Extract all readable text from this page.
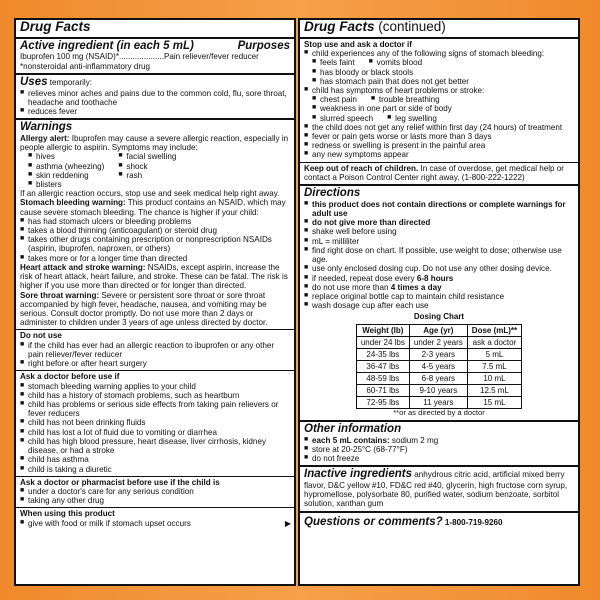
Drug Facts
Active ingredient (in each 5 mL)	Purposes
Ibuprofen 100 mg (NSAID)*....................Pain reliever/fever reducer
*nonsteroidal anti-inflammatory drug
Uses temporarily:
■ relieves minor aches and pains due to the common cold, flu, sore throat, headache and toothache
■ reduces fever
Warnings
Allergy alert: Ibuprofen may cause a severe allergic reaction, especially in people allergic to aspirin. Symptoms may include:
■ hives	■ facial swelling
■ asthma (wheezing)	■ shock
■ skin reddening	■ rash
■ blisters
If an allergic reaction occurs, stop use and seek medical help right away.
Stomach bleeding warning: This product contains an NSAID, which may cause severe stomach bleeding. The chance is higher if your child:
■ has had stomach ulcers or bleeding problems
■ takes a blood thinning (anticoagulant) or steroid drug
■ takes other drugs containing prescription or nonprescription NSAIDs (aspirin, ibuprofen, naproxen, or others)
■ takes more or for a longer time than directed
Heart attack and stroke warning: NSAIDs, except aspirin, increase the risk of heart attack, heart failure, and stroke. These can be fatal. The risk is higher if you use more than directed or for longer than directed.
Sore throat warning: Severe or persistent sore throat or sore throat accompanied by high fever, headache, nausea, and vomiting may be serious. Consult doctor promptly. Do not use more than 2 days or administer to children under 3 years of age unless directed by doctor.
Do not use
■ if the child has ever had an allergic reaction to ibuprofen or any other pain reliever/fever reducer
■ right before or after heart surgery
Ask a doctor before use if
■ stomach bleeding warning applies to your child
■ child has a history of stomach problems, such as heartburn
■ child has problems or serious side effects from taking pain relievers or fever reducers
■ child has not been drinking fluids
■ child has lost a lot of fluid due to vomiting or diarrhea
■ child has high blood pressure, heart disease, liver cirrhosis, kidney disease, or had a stroke
■ child has asthma
■ child is taking a diuretic
Ask a doctor or pharmacist before use if the child is
■ under a doctor's care for any serious condition
■ taking any other drug
When using this product
■ give with food or milk if stomach upset occurs	▶
Drug Facts (continued)
Stop use and ask a doctor if
■ child experiences any of the following signs of stomach bleeding:
■ feels faint	■ vomits blood
■ has bloody or black stools
■ has stomach pain that does not get better
■ child has symptoms of heart problems or stroke:
■ chest pain	■ trouble breathing
■ weakness in one part or side of body
■ slurred speech	■ leg swelling
■ the child does not get any relief within first day (24 hours) of treatment
■ fever or pain gets worse or lasts more than 3 days
■ redness or swelling is present in the painful area
■ any new symptoms appear
Keep out of reach of children. In case of overdose, get medical help or contact a Poison Control Center right away. (1-800-222-1222)
Directions
■ this product does not contain directions or complete warnings for adult use
■ do not give more than directed
■ shake well before using
■ mL = milliliter
■ find right dose on chart. If possible, use weight to dose; otherwise use age.
■ use only enclosed dosing cup. Do not use any other dosing device.
■ if needed, repeat dose every 6-8 hours
■ do not use more than 4 times a day
■ replace original bottle cap to maintain child resistance
■ wash dosage cup after each use
Dosing Chart
Weight (lb)	Age (yr)	Dose (mL)**
under 24 lbs	under 2 years	ask a doctor
24-35 lbs	2-3 years	5 mL
36-47 lbs	4-5 years	7.5 mL
48-59 lbs	6-8 years	10 mL
60-71 lbs	9-10 years	12.5 mL
72-95 lbs	11 years	15 mL
**or as directed by a doctor
Other information
■ each 5 mL contains: sodium 2 mg
■ store at 20-25°C (68-77°F)
■ do not freeze
Inactive ingredients anhydrous citric acid, artificial mixed berry flavor, D&C yellow #10, FD&C red #40, glycerin, high fructose corn syrup, hypromellose, polysorbate 80, purified water, sodium benzoate, sorbitol solution, xanthan gum
Questions or comments? 1-800-719-9260
